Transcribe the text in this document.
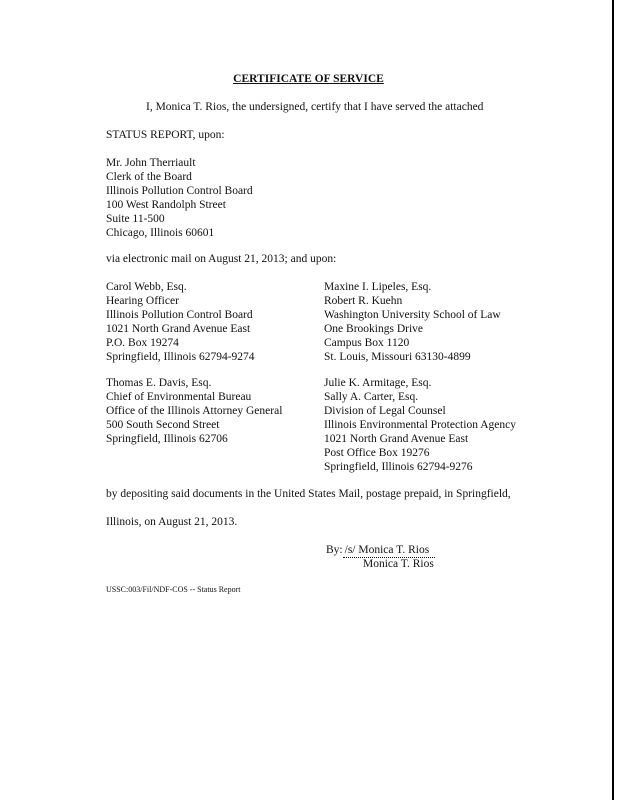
CERTIFICATE OF SERVICE
I, Monica T. Rios, the undersigned, certify that I have served the attached
STATUS REPORT, upon:
Mr. John Therriault
Clerk of the Board
Illinois Pollution Control Board
100 West Randolph Street
Suite 11-500
Chicago, Illinois 60601
via electronic mail on August 21, 2013; and upon:
Carol Webb, Esq.
Hearing Officer
Illinois Pollution Control Board
1021 North Grand Avenue East
P.O. Box 19274
Springfield, Illinois 62794-9274
Maxine I. Lipeles, Esq.
Robert R. Kuehn
Washington University School of Law
One Brookings Drive
Campus Box 1120
St. Louis, Missouri 63130-4899
Thomas E. Davis, Esq.
Chief of Environmental Bureau
Office of the Illinois Attorney General
500 South Second Street
Springfield, Illinois 62706
Julie K. Armitage, Esq.
Sally A. Carter, Esq.
Division of Legal Counsel
Illinois Environmental Protection Agency
1021 North Grand Avenue East
Post Office Box 19276
Springfield, Illinois 62794-9276
by depositing said documents in the United States Mail, postage prepaid, in Springfield,
Illinois, on August 21, 2013.
By: /s/ Monica T. Rios
Monica T. Rios
USSC:003/Fil/NDF-COS -- Status Report
